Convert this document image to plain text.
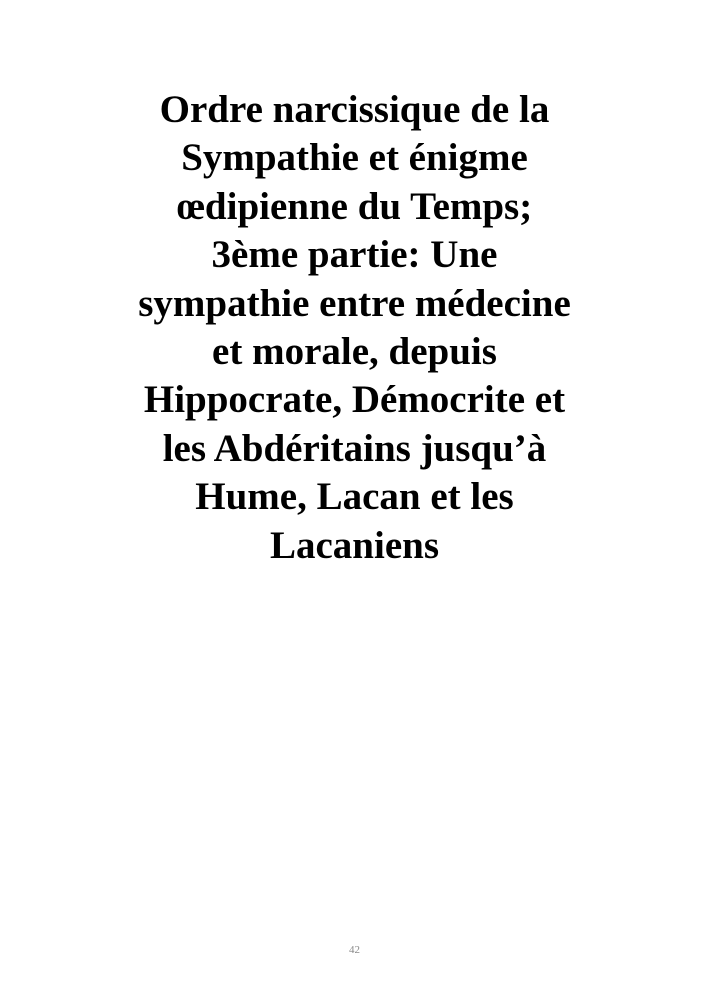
Ordre narcissique de la
Sympathie et énigme
œdipienne du Temps;
3ème partie: Une
sympathie entre médecine
et morale, depuis
Hippocrate, Démocrite et
les Abdéritains jusqu’à
Hume, Lacan et les
Lacaniens
42
